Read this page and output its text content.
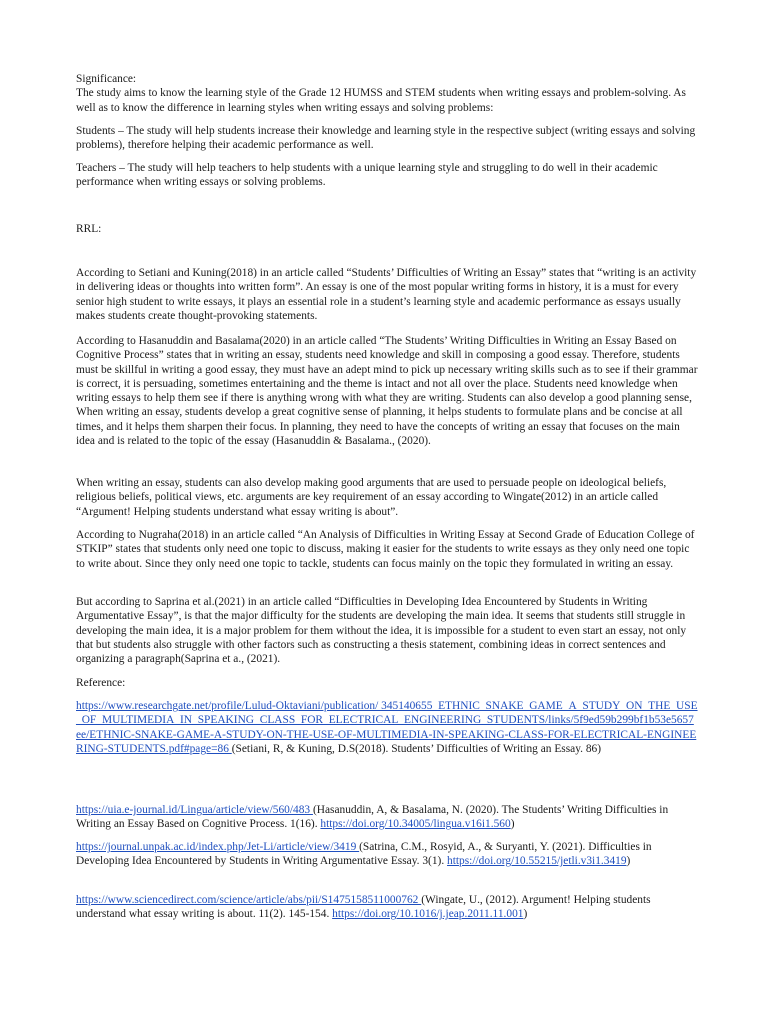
Significance:

The study aims to know the learning style of the Grade 12 HUMSS and STEM students when writing essays and problem-solving. As well as to know the difference in learning styles when writing essays and solving problems:

Students – The study will help students increase their knowledge and learning style in the respective subject (writing essays and solving problems), therefore helping their academic performance as well.

Teachers – The study will help teachers to help students with a unique learning style and struggling to do well in their academic performance when writing essays or solving problems.

RRL:

According to Setiani and Kuning(2018) in an article called “Students’ Difficulties of Writing an Essay” states that “writing is an activity in delivering ideas or thoughts into written form”. An essay is one of the most popular writing forms in history, it is a must for every senior high student to write essays, it plays an essential role in a student’s learning style and academic performance as essays usually makes students create thought-provoking statements.

According to Hasanuddin and Basalama(2020) in an article called “The Students’ Writing Difficulties in Writing an Essay Based on Cognitive Process” states that in writing an essay, students need knowledge and skill in composing a good essay. Therefore, students must be skillful in writing a good essay, they must have an adept mind to pick up necessary writing skills such as to see if their grammar is correct, it is persuading, sometimes entertaining and the theme is intact and not all over the place. Students need knowledge when writing essays to help them see if there is anything wrong with what they are writing. Students can also develop a good planning sense, When writing an essay, students develop a great cognitive sense of planning, it helps students to formulate plans and be concise at all times, and it helps them sharpen their focus. In planning, they need to have the concepts of writing an essay that focuses on the main idea and is related to the topic of the essay (Hasanuddin & Basalama., (2020).

When writing an essay, students can also develop making good arguments that are used to persuade people on ideological beliefs, religious beliefs, political views, etc. arguments are key requirement of an essay according to Wingate(2012) in an article called “Argument! Helping students understand what essay writing is about”.

According to Nugraha(2018) in an article called “An Analysis of Difficulties in Writing Essay at Second Grade of Education College of STKIP” states that students only need one topic to discuss, making it easier for the students to write essays as they only need one topic to write about. Since they only need one topic to tackle, students can focus mainly on the topic they formulated in writing an essay.

But according to Saprina et al.(2021) in an article called “Difficulties in Developing Idea Encountered by Students in Writing Argumentative Essay”, is that the major difficulty for the students are developing the main idea. It seems that students still struggle in developing the main idea, it is a major problem for them without the idea, it is impossible for a student to even start an essay, not only that but students also struggle with other factors such as constructing a thesis statement, combining ideas in correct sentences and organizing a paragraph(Saprina et a., (2021).

Reference:

https://www.researchgate.net/profile/Lulud-Oktaviani/publication/ 345140655_ETHNIC_SNAKE_GAME_A_STUDY_ON_THE_USE_OF_MULTIMEDIA_IN_SPEAKING_CLASS_FOR_ELECTRICAL_ENGINEERING_STUDENTS/links/5f9ed59b299bf1b53e5657ee/ETHNIC-SNAKE-GAME-A-STUDY-ON-THE-USE-OF-MULTIMEDIA-IN-SPEAKING-CLASS-FOR-ELECTRICAL-ENGINEERING-STUDENTS.pdf#page=86 (Setiani, R, & Kuning, D.S(2018). Students’ Difficulties of Writing an Essay. 86)

https://uia.e-journal.id/Lingua/article/view/560/483 (Hasanuddin, A, & Basalama, N. (2020). The Students’ Writing Difficulties in Writing an Essay Based on Cognitive Process. 1(16). https://doi.org/10.34005/lingua.v16i1.560)

https://journal.unpak.ac.id/index.php/Jet-Li/article/view/3419 (Satrina, C.M., Rosyid, A., & Suryanti, Y. (2021). Difficulties in Developing Idea Encountered by Students in Writing Argumentative Essay. 3(1). https://doi.org/10.55215/jetli.v3i1.3419)

https://www.sciencedirect.com/science/article/abs/pii/S1475158511000762 (Wingate, U., (2012). Argument! Helping students understand what essay writing is about. 11(2). 145-154. https://doi.org/10.1016/j.jeap.2011.11.001)
